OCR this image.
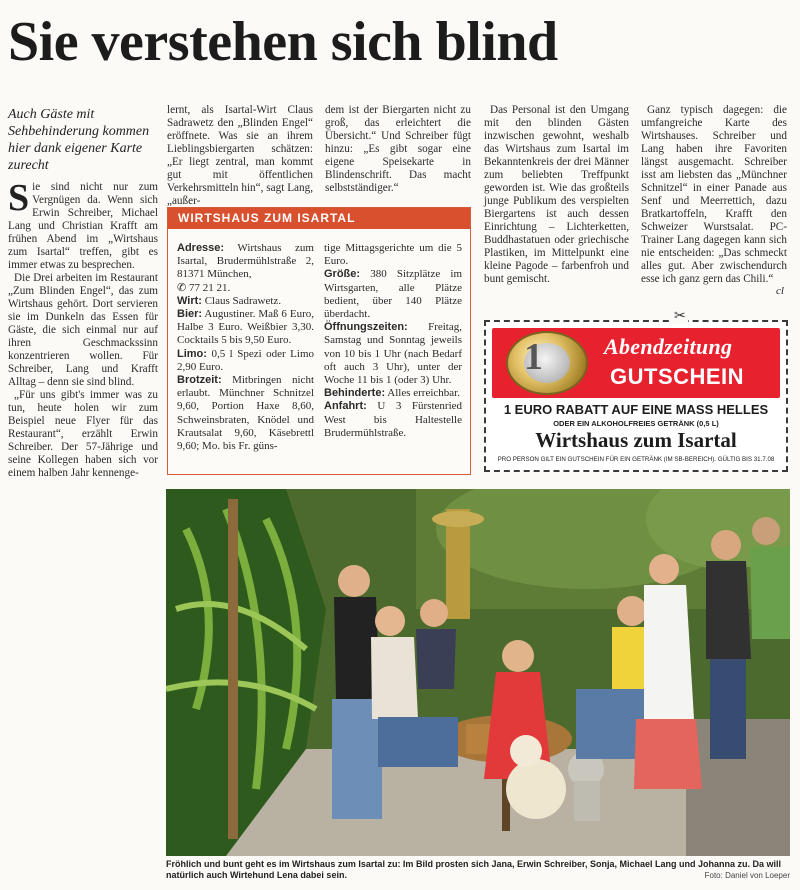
Sie verstehen sich blind
Auch Gäste mit Sehbehinderung kommen hier dank eigener Karte zurecht

Sie sind nicht nur zum Vergnügen da. Wenn sich Erwin Schreiber, Michael Lang und Christian Krafft am frühen Abend im „Wirtshaus zum Isartal“ treffen, gibt es immer etwas zu besprechen.

Die Drei arbeiten im Restaurant „Zum Blinden Engel“, das zum Wirtshaus gehört. Dort servieren sie im Dunkeln das Essen für Gäste, die sich einmal nur auf ihren Geschmackssinn konzentrieren wollen. Für Schreiber, Lang und Krafft Alltag – denn sie sind blind.

„Für uns gibt's immer was zu tun, heute holen wir zum Beispiel neue Flyer für das Restaurant“, erzählt Erwin Schreiber. Der 57-Jährige und seine Kollegen haben sich vor einem halben Jahr kennenge-

lernt, als Isartal-Wirt Claus Sadrawetz den „Blinden Engel“ eröffnete. Was sie an ihrem Lieblingsbiergarten schätzen: „Er liegt zentral, man kommt gut mit öffentlichen Verkehrsmitteln hin“, sagt Lang, „außer-

dem ist der Biergarten nicht zu groß, das erleichtert die Übersicht.“ Und Schreiber fügt hinzu: „Es gibt sogar eine eigene Speisekarte in Blindenschrift. Das macht selbstständiger.“

Das Personal ist den Umgang mit den blinden Gästen inzwischen gewohnt, weshalb das Wirtshaus zum Isartal im Bekanntenkreis der drei Männer zum beliebten Treffpunkt geworden ist. Wie das großteils junge Publikum des verspielten Biergartens ist auch dessen Einrichtung – Lichterketten, Buddhastatuen oder griechische Plastiken, im Mittelpunkt eine kleine Pagode – farbenfroh und bunt gemischt.

Ganz typisch dagegen: die umfangreiche Karte des Wirtshauses. Schreiber und Lang haben ihre Favoriten längst ausgemacht. Schreiber isst am liebsten das „Münchner Schnitzel“ in einer Panade aus Senf und Meerrettich, dazu Bratkartoffeln, Krafft den Schweizer Wurstsalat. PC-Trainer Lang dagegen kann sich nie entscheiden: „Das schmeckt alles gut. Aber zwischendurch esse ich ganz gern das Chili.“

cl
WIRTSHAUS ZUM ISARTAL
Adresse: Wirtshaus zum Isartal, Brudermühlstraße 2, 81371 München,
✆ 77 21 21.
Wirt: Claus Sadrawetz.
Bier: Augustiner. Maß 6 Euro, Halbe 3 Euro. Weißbier 3,30. Cocktails 5 bis 9,50 Euro.
Limo: 0,5 l Spezi oder Limo 2,90 Euro.
Brotzeit: Mitbringen nicht erlaubt. Münchner Schnitzel 9,60, Portion Haxe 8,60, Schweinsbraten, Knödel und Krautsalat 9,60, Käsebrettl 9,60; Mo. bis Fr. güns-
tige Mittagsgerichte um die 5 Euro.
Größe: 380 Sitzplätze im Wirtsgarten, alle Plätze bedient, über 140 Plätze überdacht.
Öffnungszeiten: Freitag, Samstag und Sonntag jeweils von 10 bis 1 Uhr (nach Bedarf oft auch 3 Uhr), unter der Woche 11 bis 1 (oder 3) Uhr.
Behinderte: Alles erreichbar.
Anfahrt: U 3 Fürstenried West bis Haltestelle Brudermühlstraße.
1	Abendzeitung
GUTSCHEIN
1 EURO RABATT AUF EINE MASS HELLES
ODER EIN ALKOHOLFREIES GETRÄNK (0,5 L)
Wirtshaus zum Isartal
PRO PERSON GILT EIN GUTSCHEIN FÜR EIN GETRÄNK (IM SB-BEREICH). GÜLTIG BIS 31.7.08
✂
Fröhlich und bunt geht es im Wirtshaus zum Isartal zu: Im Bild prosten sich Jana, Erwin Schreiber, Sonja, Michael Lang und Johanna zu. Da will natürlich auch Wirtehund Lena dabei sein.	Foto: Daniel von Loeper
